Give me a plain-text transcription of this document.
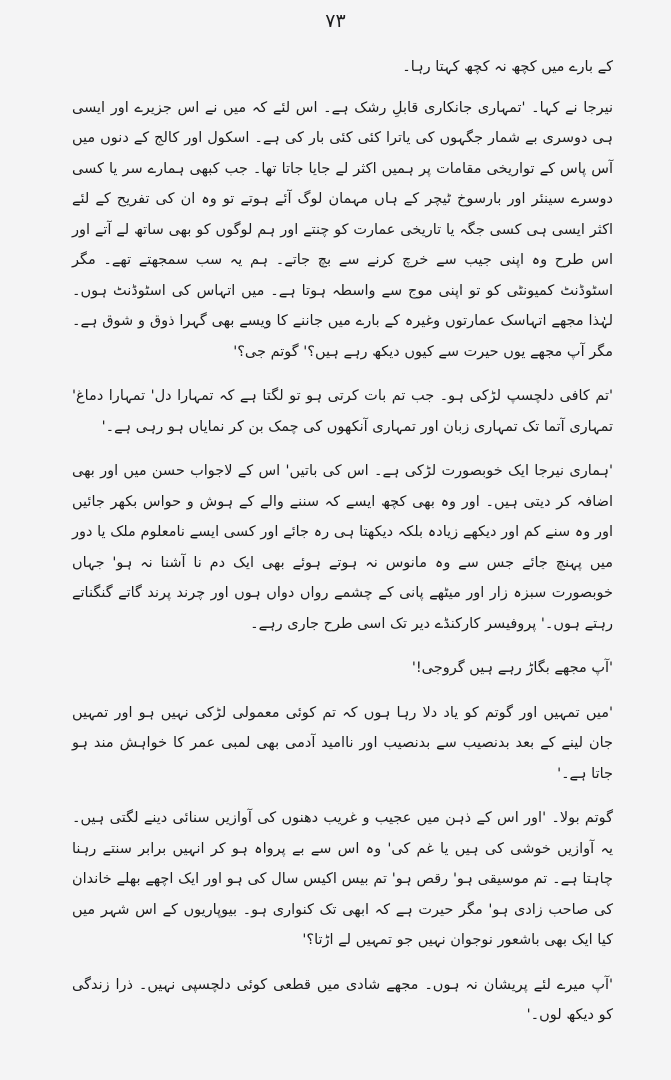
۷۳

کے بارے میں کچھ نہ کچھ کہتا رہا۔

نیرجا نے کہا۔ 'تمہاری جانکاری قابلِ رشک ہے۔ اس لئے کہ میں نے اس جزیرے اور ایسی ہی دوسری بے شمار جگہوں کی یاترا کئی کئی بار کی ہے۔ اسکول اور کالج کے دنوں میں آس پاس کے تواریخی مقامات پر ہمیں اکثر لے جایا جاتا تھا۔ جب کبھی ہمارے سر یا کسی دوسرے سینئر اور بارسوخ ٹیچر کے ہاں مہمان لوگ آئے ہوتے تو وہ ان کی تفریح کے لئے اکثر ایسی ہی کسی جگہ یا تاریخی عمارت کو چنتے اور ہم لوگوں کو بھی ساتھ لے آتے اور اس طرح وہ اپنی جیب سے خرچ کرنے سے بچ جاتے۔ ہم یہ سب سمجھتے تھے۔ مگر اسٹوڈنٹ کمیونٹی کو تو اپنی موج سے واسطہ ہوتا ہے۔ میں اتہاس کی اسٹوڈنٹ ہوں۔ لہٰذا مجھے اتہاسک عمارتوں وغیرہ کے بارے میں جاننے کا ویسے بھی گہرا ذوق و شوق ہے۔ مگر آپ مجھے یوں حیرت سے کیوں دیکھ رہے ہیں؟' گوتم جی؟'

'تم کافی دلچسپ لڑکی ہو۔ جب تم بات کرتی ہو تو لگتا ہے کہ تمہارا دل' تمہارا دماغ' تمہاری آتما تک تمہاری زبان اور تمہاری آنکھوں کی چمک بن کر نمایاں ہو رہی ہے۔'

'ہماری نیرجا ایک خوبصورت لڑکی ہے۔ اس کی باتیں' اس کے لاجواب حسن میں اور بھی اضافہ کر دیتی ہیں۔ اور وہ بھی کچھ ایسے کہ سننے والے کے ہوش و حواس بکھر جائیں اور وہ سنے کم اور دیکھے زیادہ بلکہ دیکھتا ہی رہ جائے اور کسی ایسے نامعلوم ملک یا دور میں پہنچ جائے جس سے وہ مانوس نہ ہوتے ہوئے بھی ایک دم نا آشنا نہ ہو' جہاں خوبصورت سبزہ زار اور میٹھے پانی کے چشمے رواں دواں ہوں اور چرند پرند گاتے گنگناتے رہتے ہوں۔' پروفیسر کارکنڈے دیر تک اسی طرح جاری رہے۔

'آپ مجھے بگاڑ رہے ہیں گروجی!'

'میں تمہیں اور گوتم کو یاد دلا رہا ہوں کہ تم کوئی معمولی لڑکی نہیں ہو اور تمہیں جان لینے کے بعد بدنصیب سے بدنصیب اور ناامید آدمی بھی لمبی عمر کا خواہش مند ہو جاتا ہے۔'

گوتم بولا۔ 'اور اس کے ذہن میں عجیب و غریب دھنوں کی آوازیں سنائی دینے لگتی ہیں۔ یہ آوازیں خوشی کی ہیں یا غم کی' وہ اس سے بے پرواہ ہو کر انہیں برابر سنتے رہنا چاہتا ہے۔ تم موسیقی ہو' رقص ہو' تم بیس اکیس سال کی ہو اور ایک اچھے بھلے خاندان کی صاحب زادی ہو' مگر حیرت ہے کہ ابھی تک کنواری ہو۔ بیوپاریوں کے اس شہر میں کیا ایک بھی باشعور نوجوان نہیں جو تمہیں لے اڑتا؟'

'آپ میرے لئے پریشان نہ ہوں۔ مجھے شادی میں قطعی کوئی دلچسپی نہیں۔ ذرا زندگی کو دیکھ لوں۔'
